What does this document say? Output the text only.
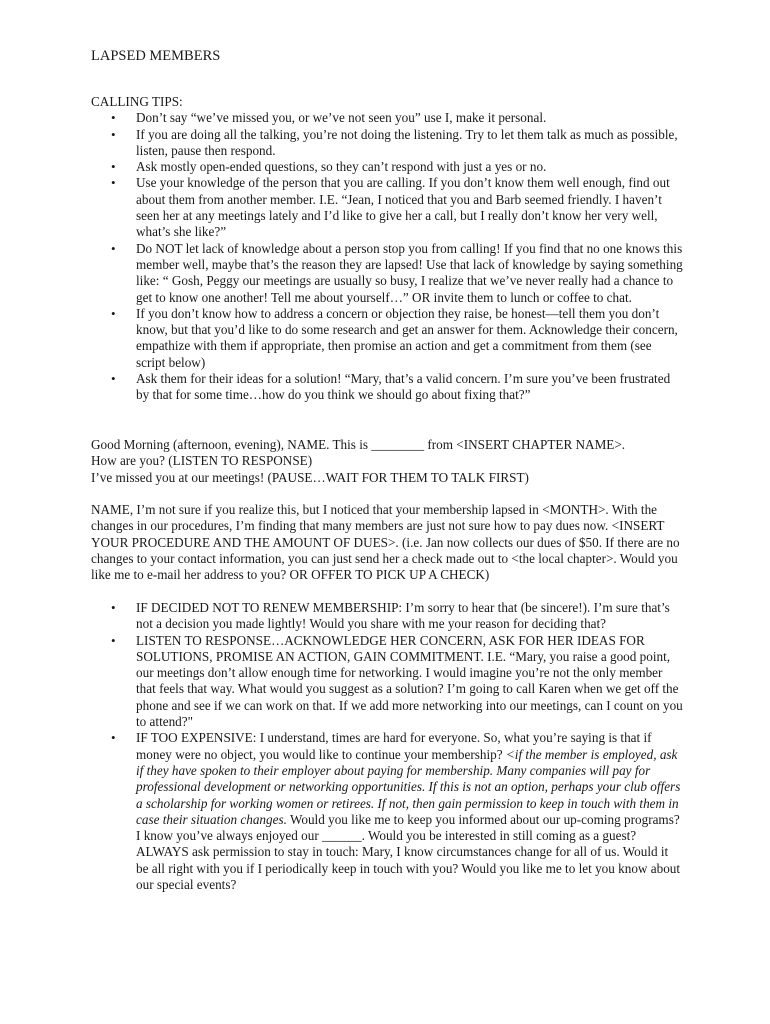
LAPSED MEMBERS

CALLING TIPS:

• Don’t say “we’ve missed you, or we’ve not seen you” use I, make it personal.
• If you are doing all the talking, you’re not doing the listening. Try to let them talk as much as possible, listen, pause then respond.
• Ask mostly open-ended questions, so they can’t respond with just a yes or no.
• Use your knowledge of the person that you are calling. If you don’t know them well enough, find out about them from another member. I.E. “Jean, I noticed that you and Barb seemed friendly. I haven’t seen her at any meetings lately and I’d like to give her a call, but I really don’t know her very well, what’s she like?”
• Do NOT let lack of knowledge about a person stop you from calling! If you find that no one knows this member well, maybe that’s the reason they are lapsed! Use that lack of knowledge by saying something like: “ Gosh, Peggy our meetings are usually so busy, I realize that we’ve never really had a chance to get to know one another! Tell me about yourself…” OR invite them to lunch or coffee to chat.
• If you don’t know how to address a concern or objection they raise, be honest—tell them you don’t know, but that you’d like to do some research and get an answer for them. Acknowledge their concern, empathize with them if appropriate, then promise an action and get a commitment from them (see script below)
• Ask them for their ideas for a solution! “Mary, that’s a valid concern. I’m sure you’ve been frustrated by that for some time…how do you think we should go about fixing that?”

Good Morning (afternoon, evening), NAME. This is ________ from <INSERT CHAPTER NAME>.

How are you? (LISTEN TO RESPONSE)

I’ve missed you at our meetings! (PAUSE…WAIT FOR THEM TO TALK FIRST)

NAME, I’m not sure if you realize this, but I noticed that your membership lapsed in <MONTH>. With the changes in our procedures, I’m finding that many members are just not sure how to pay dues now. <INSERT YOUR PROCEDURE AND THE AMOUNT OF DUES>. (i.e. Jan now collects our dues of $50. If there are no changes to your contact information, you can just send her a check made out to <the local chapter>. Would you like me to e-mail her address to you? OR OFFER TO PICK UP A CHECK)

• IF DECIDED NOT TO RENEW MEMBERSHIP: I’m sorry to hear that (be sincere!). I’m sure that’s not a decision you made lightly! Would you share with me your reason for deciding that?
• LISTEN TO RESPONSE…ACKNOWLEDGE HER CONCERN, ASK FOR HER IDEAS FOR SOLUTIONS, PROMISE AN ACTION, GAIN COMMITMENT. I.E. “Mary, you raise a good point, our meetings don’t allow enough time for networking. I would imagine you’re not the only member that feels that way. What would you suggest as a solution? I’m going to call Karen when we get off the phone and see if we can work on that. If we add more networking into our meetings, can I count on you to attend?"
• IF TOO EXPENSIVE: I understand, times are hard for everyone. So, what you’re saying is that if money were no object, you would like to continue your membership? <if the member is employed, ask if they have spoken to their employer about paying for membership. Many companies will pay for professional development or networking opportunities. If this is not an option, perhaps your club offers a scholarship for working women or retirees. If not, then gain permission to keep in touch with them in case their situation changes. Would you like me to keep you informed about our up-coming programs? I know you’ve always enjoyed our ______. Would you be interested in still coming as a guest? ALWAYS ask permission to stay in touch: Mary, I know circumstances change for all of us. Would it be all right with you if I periodically keep in touch with you? Would you like me to let you know about our special events?
